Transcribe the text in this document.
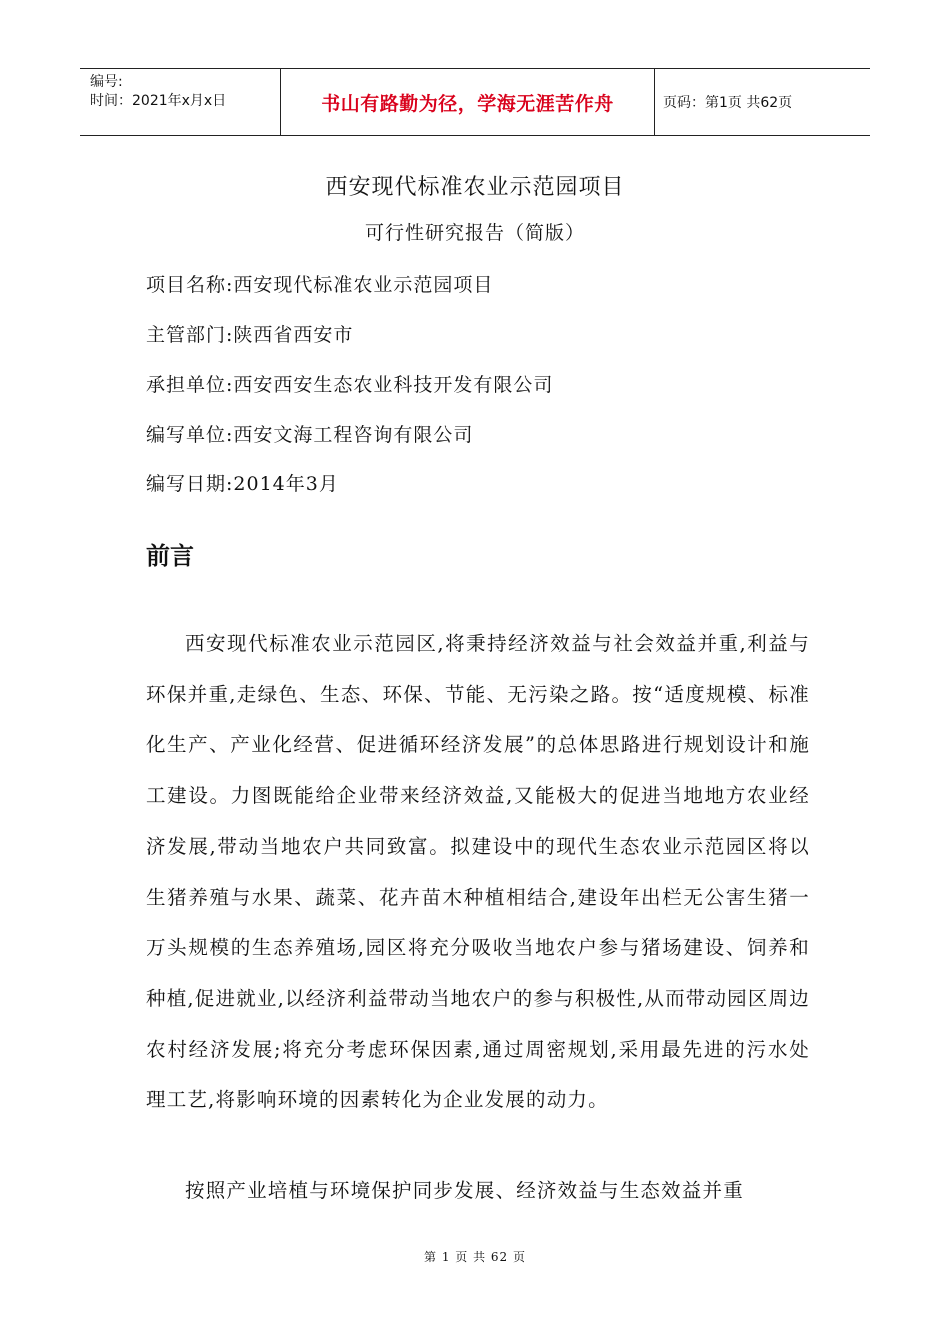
编号:
时间：2021年x月x日	书山有路勤为径，学海无涯苦作舟	页码：第1页 共62页
西安现代标准农业示范园项目
可行性研究报告（简版）
项目名称:西安现代标准农业示范园项目
主管部门:陕西省西安市
承担单位:西安西安生态农业科技开发有限公司
编写单位:西安文海工程咨询有限公司
编写日期:2014年3月
前言
西安现代标准农业示范园区,将秉持经济效益与社会效益并重,利益与环保并重,走绿色、生态、环保、节能、无污染之路。按“适度规模、标准化生产、产业化经营、促进循环经济发展”的总体思路进行规划设计和施工建设。力图既能给企业带来经济效益,又能极大的促进当地地方农业经济发展,带动当地农户共同致富。拟建设中的现代生态农业示范园区将以生猪养殖与水果、蔬菜、花卉苗木种植相结合,建设年出栏无公害生猪一万头规模的生态养殖场,园区将充分吸收当地农户参与猪场建设、饲养和种植,促进就业,以经济利益带动当地农户的参与积极性,从而带动园区周边农村经济发展;将充分考虑环保因素,通过周密规划,采用最先进的污水处理工艺,将影响环境的因素转化为企业发展的动力。
按照产业培植与环境保护同步发展、经济效益与生态效益并重
第 1 页 共 62 页
